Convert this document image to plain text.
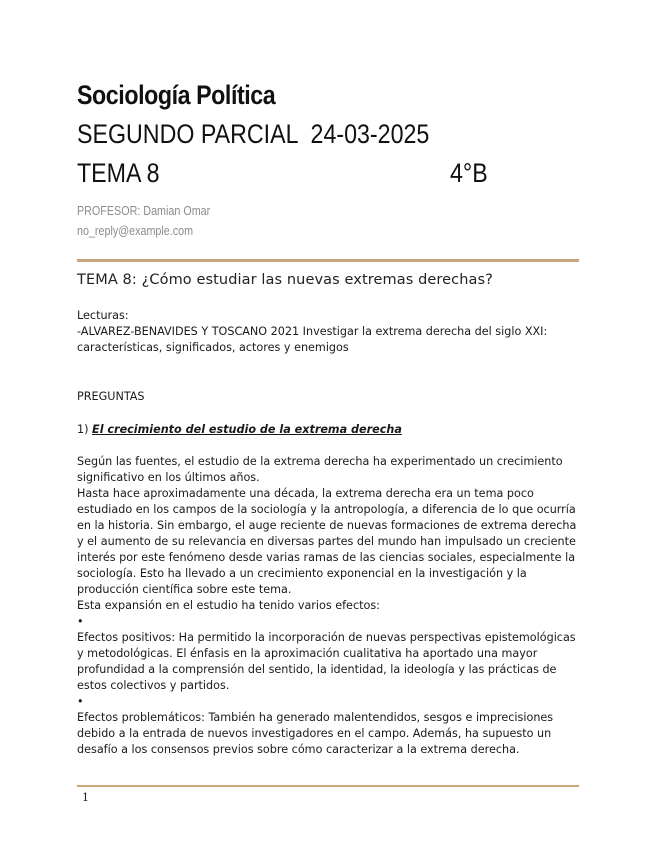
Sociología Política
SEGUNDO PARCIAL  24-03-2025
TEMA 8	4°B
PROFESOR: Damian Omar
no_reply@example.com
TEMA 8: ¿Cómo estudiar las nuevas extremas derechas?

Lecturas:

-ALVAREZ-BENAVIDES Y TOSCANO 2021 Investigar la extrema derecha del siglo XXI: características, significados, actores y enemigos

PREGUNTAS

1) El crecimiento del estudio de la extrema derecha

Según las fuentes, el estudio de la extrema derecha ha experimentado un crecimiento significativo en los últimos años.

Hasta hace aproximadamente una década, la extrema derecha era un tema poco estudiado en los campos de la sociología y la antropología, a diferencia de lo que ocurría en la historia. Sin embargo, el auge reciente de nuevas formaciones de extrema derecha y el aumento de su relevancia en diversas partes del mundo han impulsado un creciente interés por este fenómeno desde varias ramas de las ciencias sociales, especialmente la sociología. Esto ha llevado a un crecimiento exponencial en la investigación y la producción científica sobre este tema.

Esta expansión en el estudio ha tenido varios efectos:

•

Efectos positivos: Ha permitido la incorporación de nuevas perspectivas epistemológicas y metodológicas. El énfasis en la aproximación cualitativa ha aportado una mayor profundidad a la comprensión del sentido, la identidad, la ideología y las prácticas de estos colectivos y partidos.

•

Efectos problemáticos: También ha generado malentendidos, sesgos e imprecisiones debido a la entrada de nuevos investigadores en el campo. Además, ha supuesto un desafío a los consensos previos sobre cómo caracterizar a la extrema derecha.

1
